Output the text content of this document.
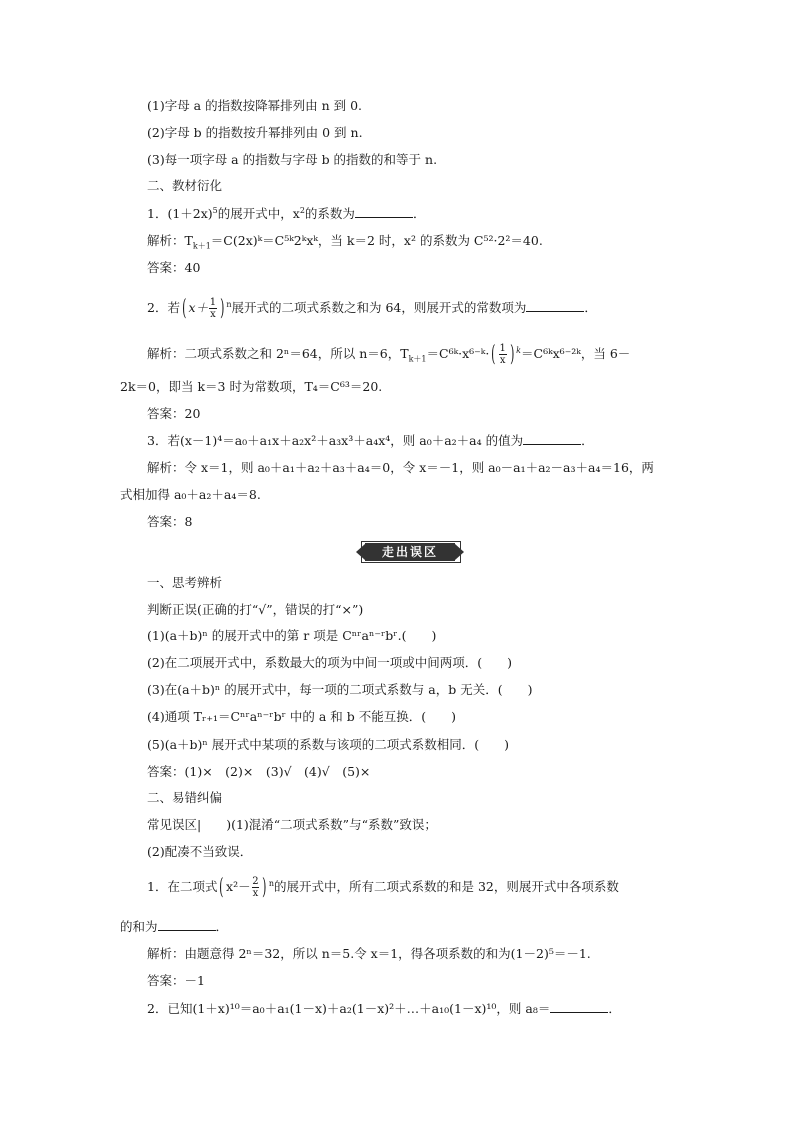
(1)字母 a 的指数按降幂排列由 n 到 0.
(2)字母 b 的指数按升幂排列由 0 到 n.
(3)每一项字母 a 的指数与字母 b 的指数的和等于 n.
二、教材衍化
1．$(1+2x)^5$的展开式中，$x^2$的系数为	．
解析：$T_{k+1}=C(2x)ᵏ=C^5ᵏ2ᵏxᵏ$，当 k＝2 时，x² 的系数为 C⁵²·2²＝40.
答案：40
2．若( $x+ \frac{1}{x}$ ) $^n$展开式的二项式系数之和为 64，则展开式的常数项为	．
解析：二项式系数之和 2ⁿ＝64，所以 n＝6，$T_{k+1}=C^6ᵏ\cdot x^{6-}ᵏ\cdot( \frac{1}{x}$ ) $^k$＝C⁶ᵏx⁶⁻²ᵏ，当 6－
2k＝0，即当 k＝3 时为常数项，T₄＝C⁶³＝20.
答案：20
3．若(x－1)⁴＝a₀＋a₁x＋a₂x²＋a₃x³＋a₄x⁴，则 a₀＋a₂＋a₄ 的值为	．
解析：令 x＝1，则 a₀＋a₁＋a₂＋a₃＋a₄＝0，令 x＝－1，则 a₀－a₁＋a₂－a₃＋a₄＝16，两
式相加得 a₀＋a₂＋a₄＝8.
答案：8
走出误区
一、思考辨析
判断正误(正确的打“√”，错误的打“×”)
(1)(a＋b)ⁿ 的展开式中的第 r 项是 Cⁿʳaⁿ⁻ʳbʳ.(　　)
(2)在二项展开式中，系数最大的项为中间一项或中间两项．(　　)
(3)在(a＋b)ⁿ 的展开式中，每一项的二项式系数与 a，b 无关．(　　)
(4)通项 Tᵣ₊₁＝Cⁿʳaⁿ⁻ʳbʳ 中的 a 和 b 不能互换．(　　)
(5)(a＋b)ⁿ 展开式中某项的系数与该项的二项式系数相同．(　　)
答案：(1)×　(2)×　(3)√　(4)√　(5)×
二、易错纠偏
常见误区|　　)(1)混淆“二项式系数”与“系数”致误；
(2)配凑不当致误．
1．在二项式( $x^2- \frac{2}{x}$ ) $^n$的展开式中，所有二项式系数的和是 32，则展开式中各项系数
的和为	．
解析：由题意得 2ⁿ＝32，所以 n＝5.令 x＝1，得各项系数的和为(1－2)⁵＝－1.
答案：－1
2．已知(1＋x)¹⁰＝a₀＋a₁(1－x)＋a₂(1－x)²＋…＋a₁₀(1－x)¹⁰，则 a₈＝	．
